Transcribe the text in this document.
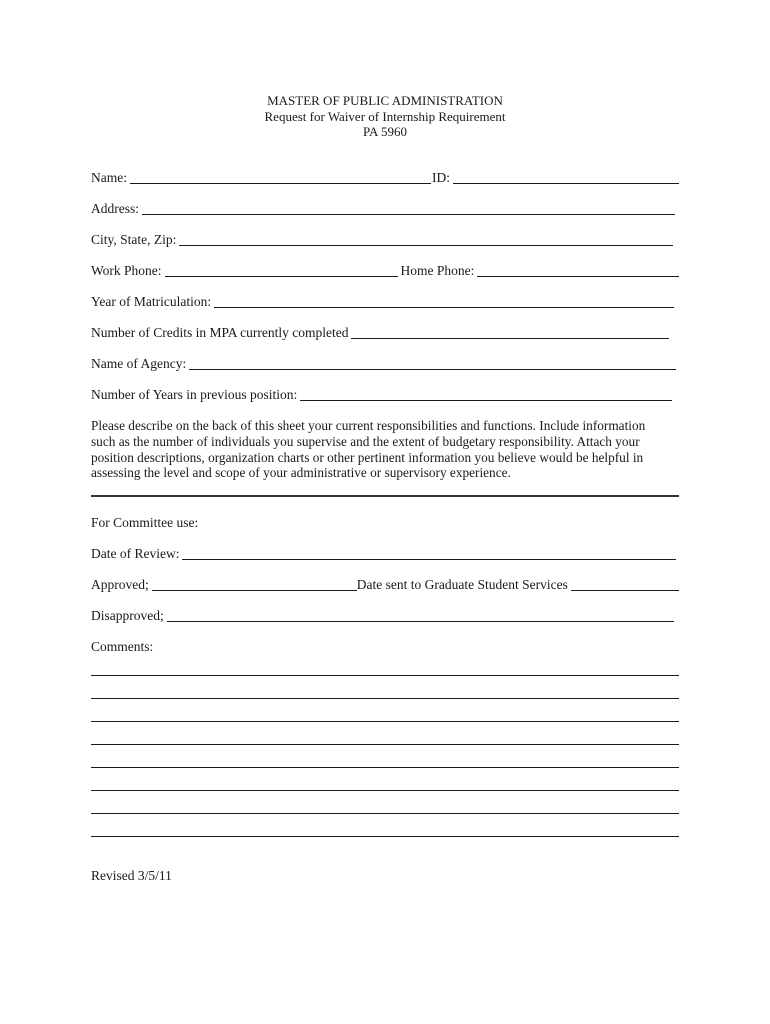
MASTER OF PUBLIC ADMINISTRATION
Request for Waiver of Internship Requirement
PA 5960
Name:	ID:
Address:
City, State, Zip:
Work Phone:	Home Phone:
Year of Matriculation:
Number of Credits in MPA currently completed
Name of Agency:
Number of Years in previous position:
Please describe on the back of this sheet your current responsibilities and functions. Include information
such as the number of individuals you supervise and the extent of budgetary responsibility. Attach your
position descriptions, organization charts or other pertinent information you believe would be helpful in
assessing the level and scope of your administrative or supervisory experience.
For Committee use:
Date of Review:
Approved;	Date sent to Graduate Student Services
Disapproved;
Comments:
Revised 3/5/11
